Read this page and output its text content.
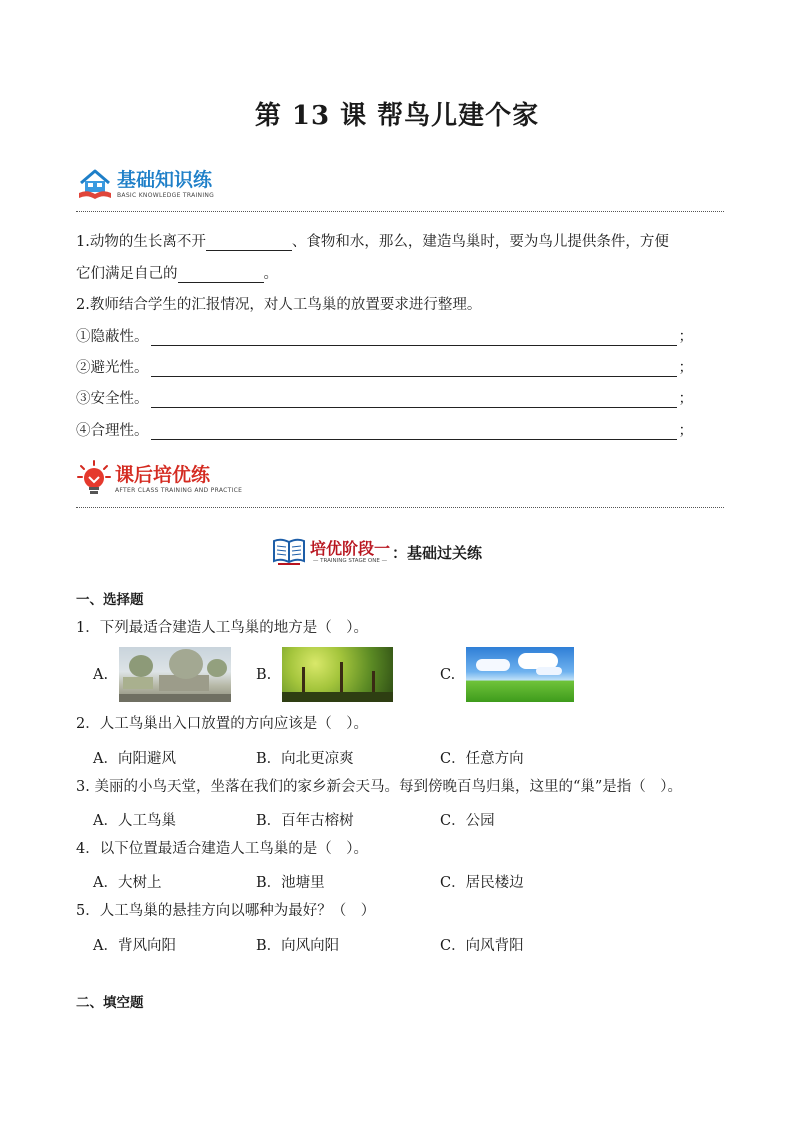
第 13 课 帮鸟儿建个家
基础知识练
BASIC KNOWLEDGE TRAINING
1.动物的生长离不开	、食物和水，那么，建造鸟巢时，要为鸟儿提供条件，方便
它们满足自己的	。
2.教师结合学生的汇报情况，对人工鸟巢的放置要求进行整理。
①隐蔽性。	；
②避光性。	；
③安全性。	；
④合理性。	；
课后培优练
AFTER CLASS TRAINING AND PRACTICE
培优阶段一
— TRAINING STAGE ONE — ： 基础过关练
一、选择题
1．下列最适合建造人工鸟巢的地方是（　）。
A.	B.	C.
2．人工鸟巢出入口放置的方向应该是（　）。
A．向阳避风	B．向北更凉爽	C．任意方向
3. 美丽的小鸟天堂，坐落在我们的家乡新会天马。每到傍晚百鸟归巢，这里的“巢”是指（　）。
A．人工鸟巢	B．百年古榕树	C．公园
4．以下位置最适合建造人工鸟巢的是（　）。
A．大树上	B．池塘里	C．居民楼边
5．人工鸟巢的悬挂方向以哪种为最好？（　）
A．背风向阳	B．向风向阳	C．向风背阳
二、填空题
